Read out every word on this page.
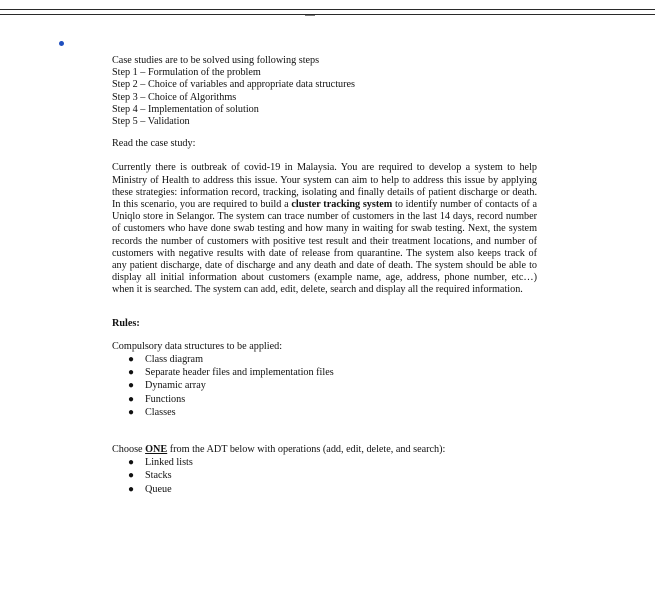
Case studies are to be solved using following steps
Step 1 – Formulation of the problem
Step 2 – Choice of variables and appropriate data structures
Step 3 – Choice of Algorithms
Step 4 – Implementation of solution
Step 5 – Validation

Read the case study:

Currently there is outbreak of covid-19 in Malaysia. You are required to develop a system to help Ministry of Health to address this issue. Your system can aim to help to address this issue by applying these strategies: information record, tracking, isolating and finally details of patient discharge or death. In this scenario, you are required to build a cluster tracking system to identify number of contacts of a Uniqlo store in Selangor. The system can trace number of customers in the last 14 days, record number of customers who have done swab testing and how many in waiting for swab testing. Next, the system records the number of customers with positive test result and their treatment locations, and number of customers with negative results with date of release from quarantine. The system also keeps track of any patient discharge, date of discharge and any death and date of death. The system should be able to display all initial information about customers (example name, age, address, phone number, etc…) when it is searched. The system can add, edit, delete, search and display all the required information.

Rules:

Compulsory data structures to be applied:

● Class diagram
● Separate header files and implementation files
● Dynamic array
● Functions
● Classes

Choose ONE from the ADT below with operations (add, edit, delete, and search):

● Linked lists
● Stacks
● Queue
